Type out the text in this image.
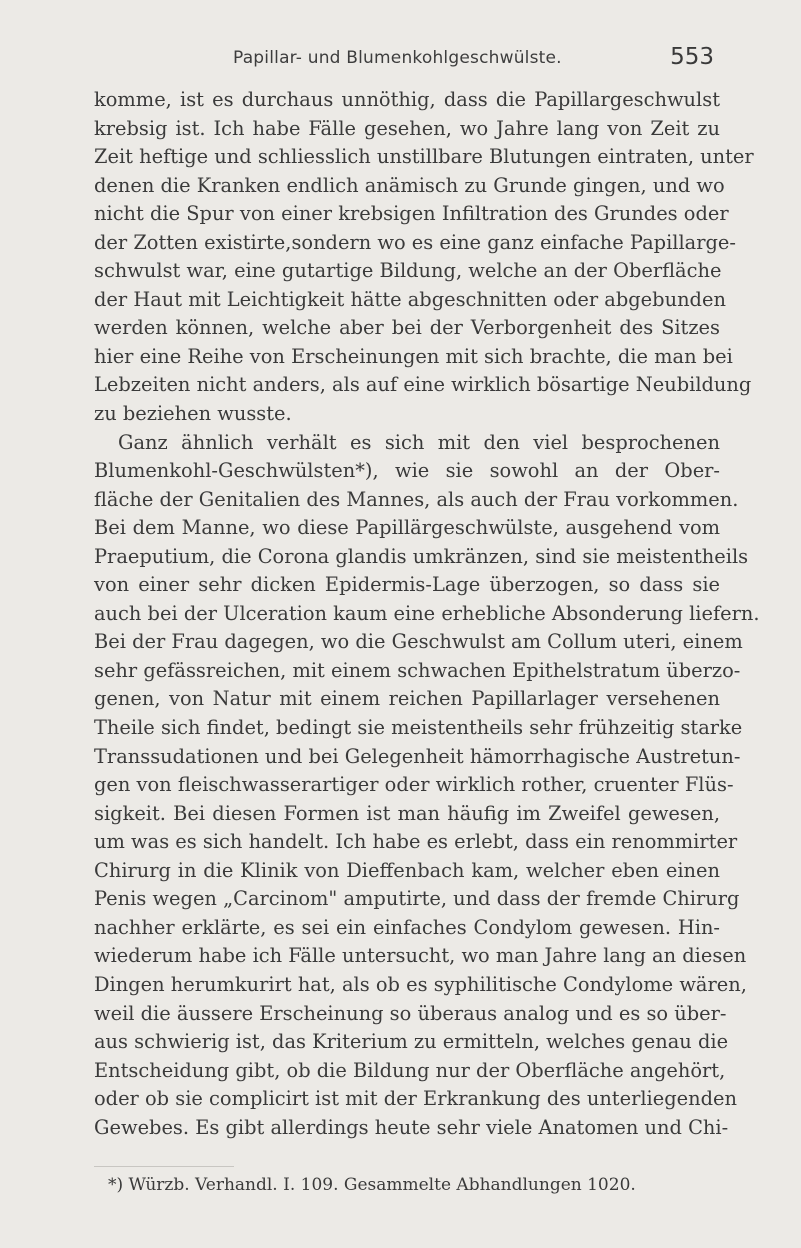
Papillar- und Blumenkohlgeschwülste.	553
komme, ist es durchaus unnöthig, dass die Papillargeschwulst
krebsig ist. Ich habe Fälle gesehen, wo Jahre lang von Zeit zu
Zeit heftige und schliesslich unstillbare Blutungen eintraten, unter
denen die Kranken endlich anämisch zu Grunde gingen, und wo
nicht die Spur von einer krebsigen Infiltration des Grundes oder
der Zotten existirte,sondern wo es eine ganz einfache Papillarge-
schwulst war, eine gutartige Bildung, welche an der Oberfläche
der Haut mit Leichtigkeit hätte abgeschnitten oder abgebunden
werden können, welche aber bei der Verborgenheit des Sitzes
hier eine Reihe von Erscheinungen mit sich brachte, die man bei
Lebzeiten nicht anders, als auf eine wirklich bösartige Neubildung
zu beziehen wusste.
Ganz ähnlich verhält es sich mit den viel besprochenen
Blumenkohl-Geschwülsten*), wie sie sowohl an der Ober-
fläche der Genitalien des Mannes, als auch der Frau vorkommen.
Bei dem Manne, wo diese Papillärgeschwülste, ausgehend vom
Praeputium, die Corona glandis umkränzen, sind sie meistentheils
von einer sehr dicken Epidermis-Lage überzogen, so dass sie
auch bei der Ulceration kaum eine erhebliche Absonderung liefern.
Bei der Frau dagegen, wo die Geschwulst am Collum uteri, einem
sehr gefässreichen, mit einem schwachen Epithelstratum überzo-
genen, von Natur mit einem reichen Papillarlager versehenen
Theile sich findet, bedingt sie meistentheils sehr frühzeitig starke
Transsudationen und bei Gelegenheit hämorrhagische Austretun-
gen von fleischwasserartiger oder wirklich rother, cruenter Flüs-
sigkeit. Bei diesen Formen ist man häufig im Zweifel gewesen,
um was es sich handelt. Ich habe es erlebt, dass ein renommirter
Chirurg in die Klinik von Dieffenbach kam, welcher eben einen
Penis wegen „Carcinom" amputirte, und dass der fremde Chirurg
nachher erklärte, es sei ein einfaches Condylom gewesen. Hin-
wiederum habe ich Fälle untersucht, wo man Jahre lang an diesen
Dingen herumkurirt hat, als ob es syphilitische Condylome wären,
weil die äussere Erscheinung so überaus analog und es so über-
aus schwierig ist, das Kriterium zu ermitteln, welches genau die
Entscheidung gibt, ob die Bildung nur der Oberfläche angehört,
oder ob sie complicirt ist mit der Erkrankung des unterliegenden
Gewebes. Es gibt allerdings heute sehr viele Anatomen und Chi-
*) Würzb. Verhandl. I. 109. Gesammelte Abhandlungen 1020.
